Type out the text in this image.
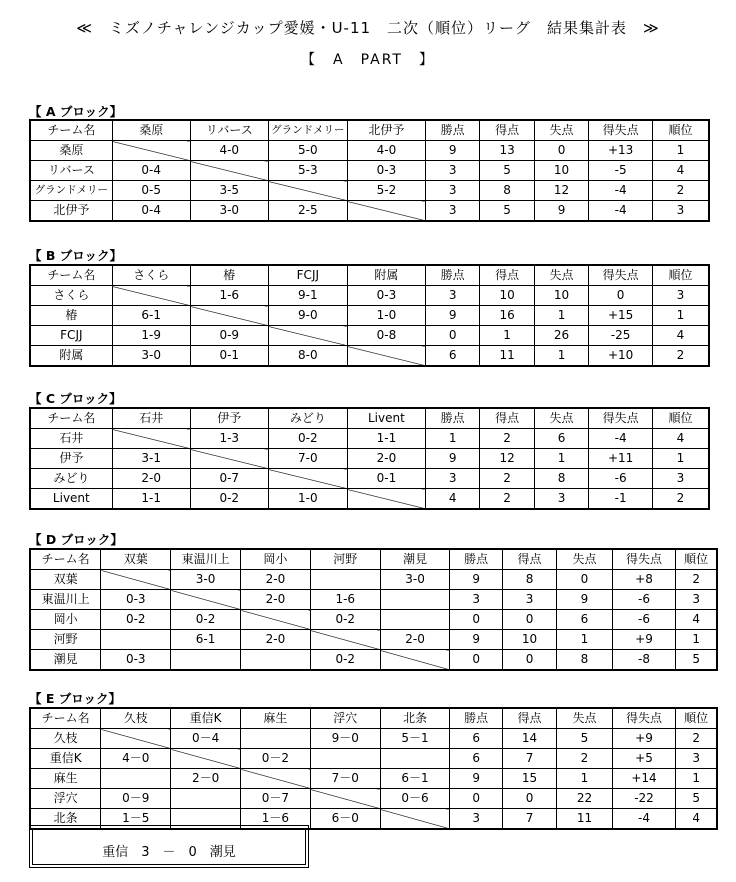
≪　ミズノチャレンジカップ愛媛・U-11　二次（順位）リーグ　結果集計表　≫
【　A　PART　】
【 A ブロック】
チーム名	桑原	リバース	グランドメリー	北伊予	勝点	得点	失点	得失点	順位
桑原		4-0	5-0	4-0	9	13	0	+13	1
リバース	0-4		5-3	0-3	3	5	10	-5	4
グランドメリー	0-5	3-5		5-2	3	8	12	-4	2
北伊予	0-4	3-0	2-5		3	5	9	-4	3
【 B ブロック】
チーム名	さくら	椿	FCJJ	附属	勝点	得点	失点	得失点	順位
さくら		1-6	9-1	0-3	3	10	10	0	3
椿	6-1		9-0	1-0	9	16	1	+15	1
FCJJ	1-9	0-9		0-8	0	1	26	-25	4
附属	3-0	0-1	8-0		6	11	1	+10	2
【 C ブロック】
チーム名	石井	伊予	みどり	Livent	勝点	得点	失点	得失点	順位
石井		1-3	0-2	1-1	1	2	6	-4	4
伊予	3-1		7-0	2-0	9	12	1	+11	1
みどり	2-0	0-7		0-1	3	2	8	-6	3
Livent	1-1	0-2	1-0		4	2	3	-1	2
【 D ブロック】
チーム名	双葉	東温川上	岡小	河野	潮見	勝点	得点	失点	得失点	順位
双葉		3-0	2-0		3-0	9	8	0	+8	2
東温川上	0-3		2-0	1-6		3	3	9	-6	3
岡小	0-2	0-2		0-2		0	0	6	-6	4
河野		6-1	2-0		2-0	9	10	1	+9	1
潮見	0-3			0-2		0	0	8	-8	5
【 E ブロック】
チーム名	久枝	重信K	麻生	浮穴	北条	勝点	得点	失点	得失点	順位
久枝		0－4		9－0	5－1	6	14	5	+9	2
重信K	4－0		0－2			6	7	2	+5	3
麻生		2－0		7－0	6－1	9	15	1	+14	1
浮穴	0－9		0－7		0－6	0	0	22	-22	5
北条	1－5		1－6	6－0		3	7	11	-4	4
重信　3　－　0　潮見
